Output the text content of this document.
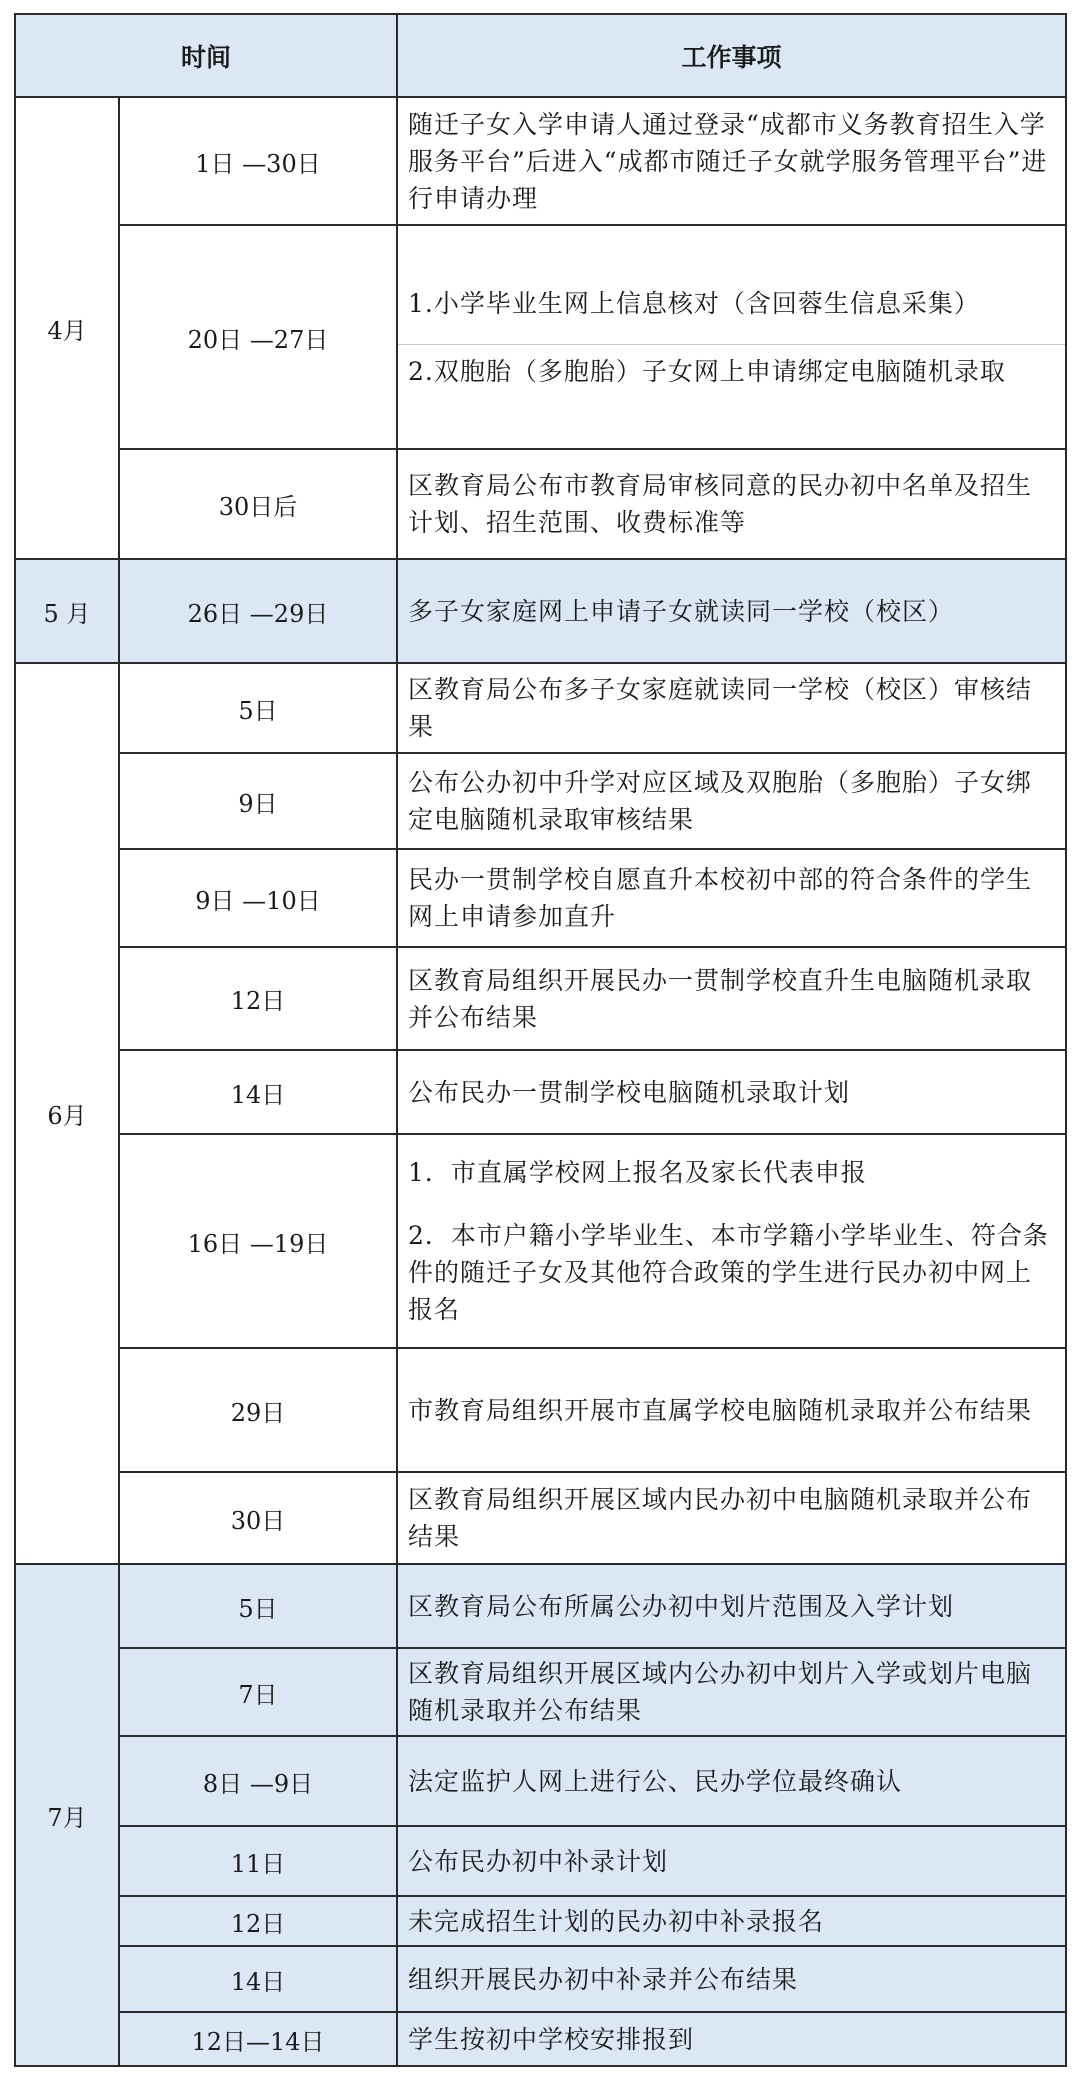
时间		工作事项
4月	1日 —30日	随迁子女入学申请人通过登录“成都市义务教育招生入学服务平台”后进入“成都市随迁子女就学服务管理平台”进行申请办理

	20日 —27日	1.小学毕业生网上信息核对（含回蓉生信息采集）
2.双胞胎（多胞胎）子女网上申请绑定电脑随机录取

	30日后	区教育局公布市教育局审核同意的民办初中名单及招生计划、招生范围、收费标准等

5 月	26日 —29日	多子女家庭网上申请子女就读同一学校（校区）

6月	5日	区教育局公布多子女家庭就读同一学校（校区）审核结果

	9日	公布公办初中升学对应区域及双胞胎（多胞胎）子女绑定电脑随机录取审核结果

	9日 —10日	民办一贯制学校自愿直升本校初中部的符合条件的学生网上申请参加直升

	12日	区教育局组织开展民办一贯制学校直升生电脑随机录取并公布结果

	14日	公布民办一贯制学校电脑随机录取计划

	16日 —19日	1．市直属学校网上报名及家长代表申报
2．本市户籍小学毕业生、本市学籍小学毕业生、符合条件的随迁子女及其他符合政策的学生进行民办初中网上报名

	29日	市教育局组织开展市直属学校电脑随机录取并公布结果

	30日	区教育局组织开展区域内民办初中电脑随机录取并公布结果

7月	5日	区教育局公布所属公办初中划片范围及入学计划

	7日	区教育局组织开展区域内公办初中划片入学或划片电脑随机录取并公布结果

	8日 —9日	法定监护人网上进行公、民办学位最终确认

	11日	公布民办初中补录计划

	12日	未完成招生计划的民办初中补录报名

	14日	组织开展民办初中补录并公布结果

	12日—14日	学生按初中学校安排报到
